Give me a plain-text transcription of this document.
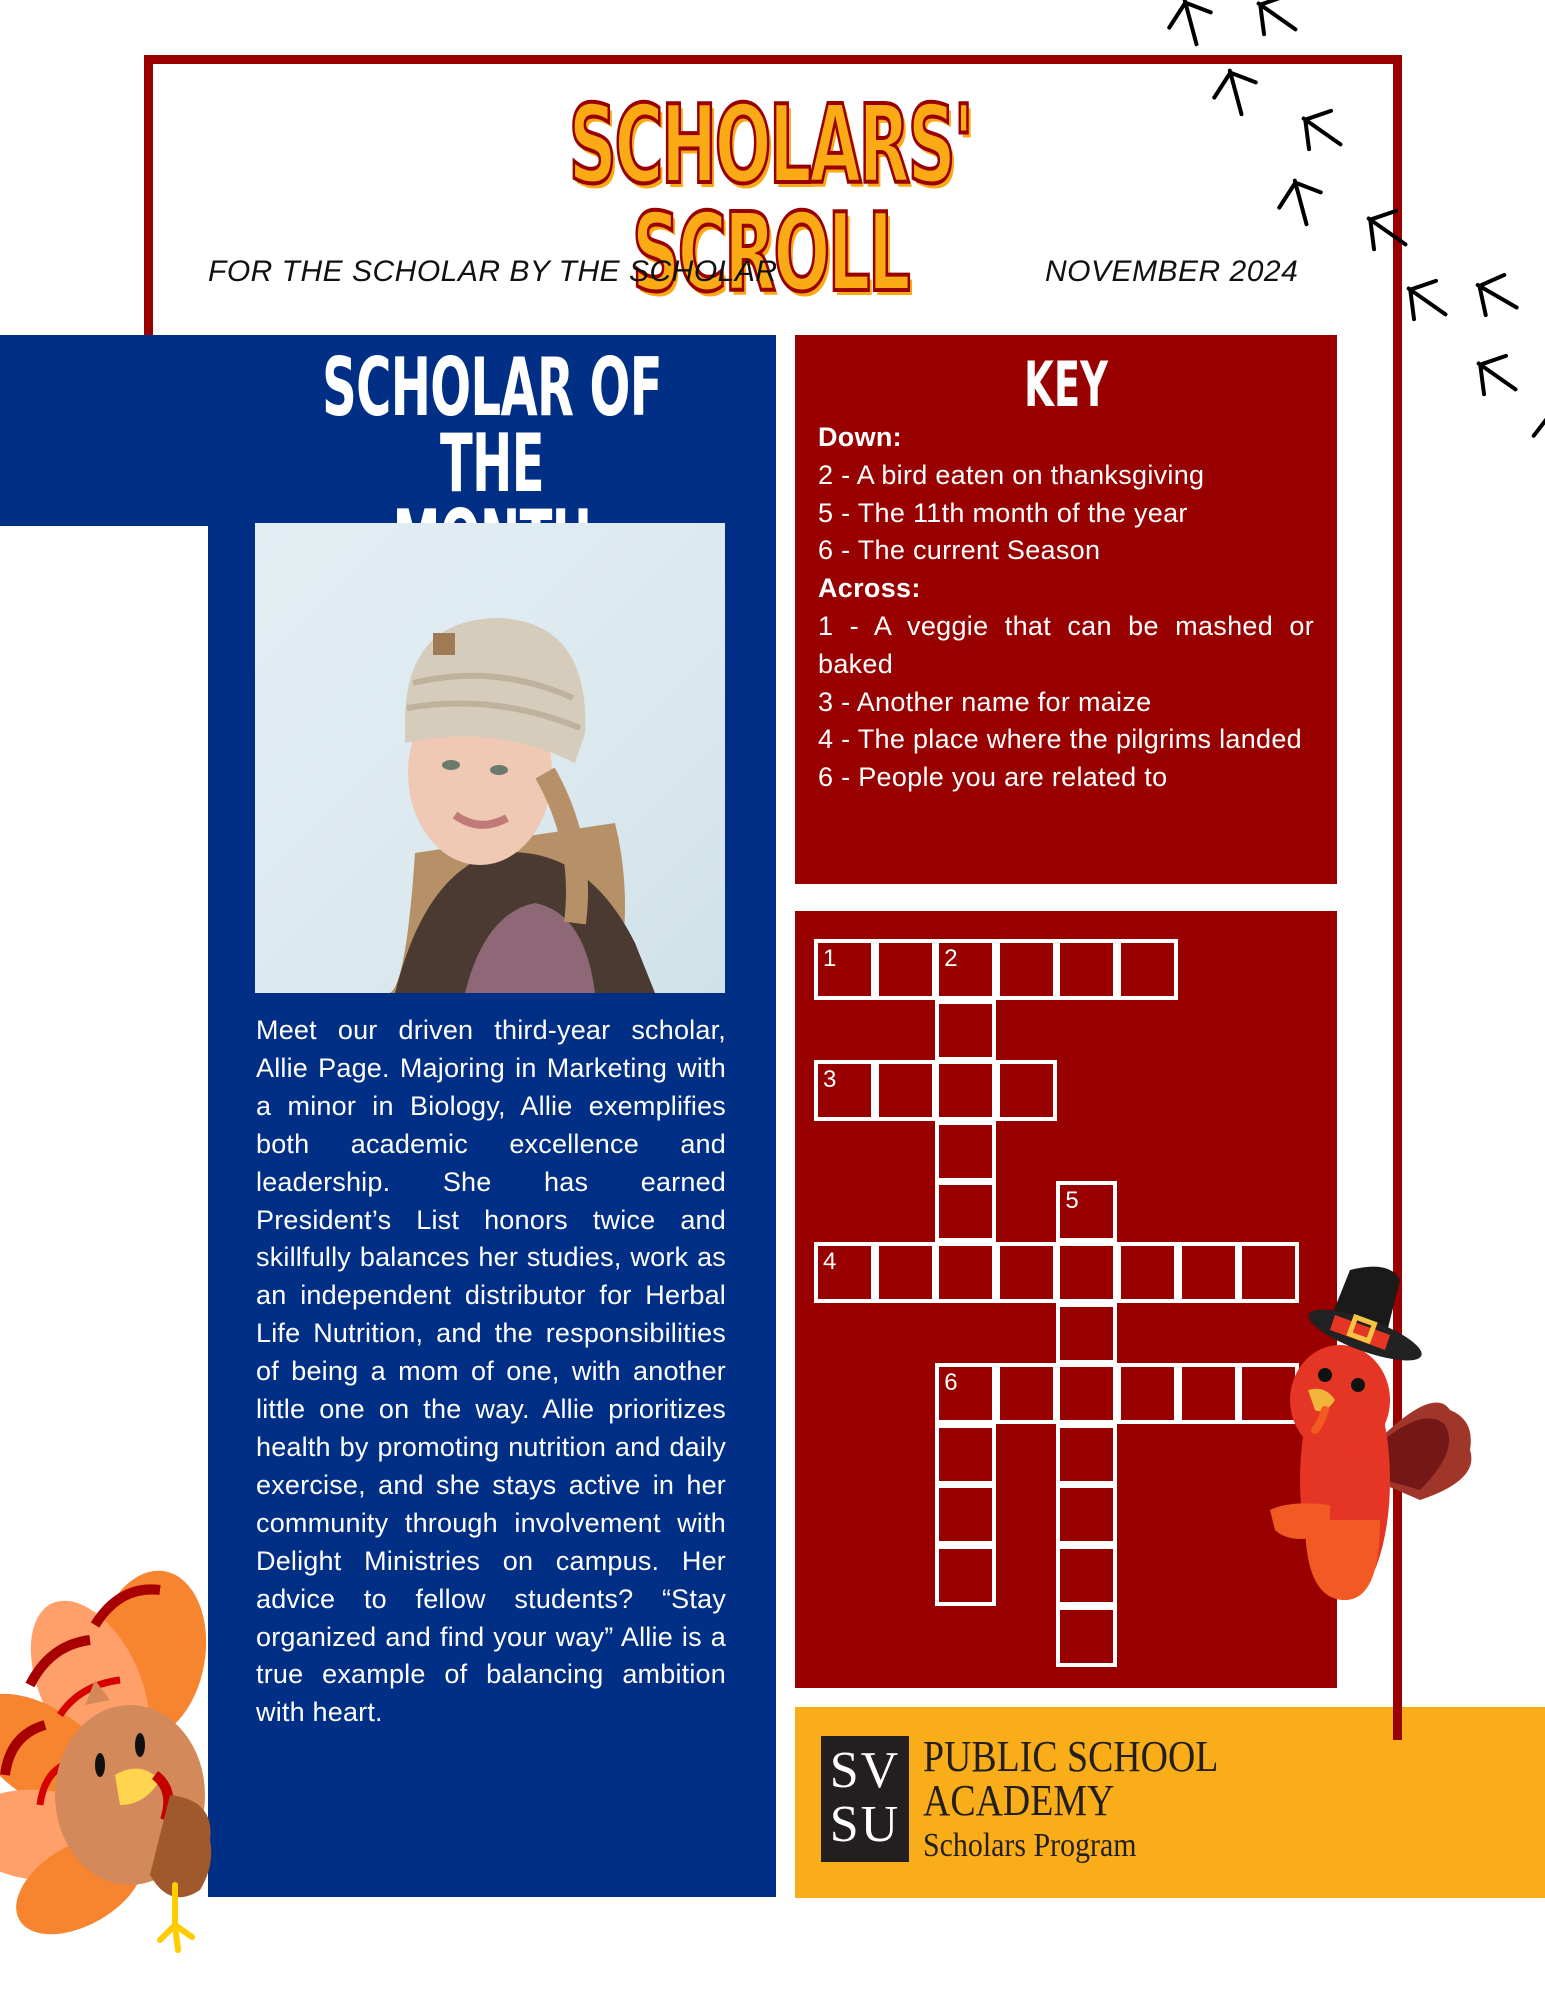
SCHOLARS' SCROLL
FOR THE SCHOLAR BY THE SCHOLAR	NOVEMBER 2024
SCHOLAR OF THE
Meet our driven third-year scholar, Allie Page. Majoring in Marketing with a minor in Biology, Allie exemplifies both academic excellence and leadership. She has earned President’s List honors twice and skillfully balances her studies, work as an independent distributor for Herbal Life Nutrition, and the responsibilities of being a mom of one, with another little one on the way. Allie prioritizes health by promoting nutrition and daily exercise, and she stays active in her community through involvement with Delight Ministries on campus. Her advice to fellow students? “Stay organized and find your way” Allie is a true example of balancing ambition with heart.
KEY
Down:
2 - A bird eaten on thanksgiving
5 - The 11th month of the year
6 - The current Season
Across:
1 - A veggie that can be mashed or baked
3 - Another name for maize
4 - The place where the pilgrims landed
6 - People you are related to
1	2
3
5
4
6
SV
SU
PUBLIC SCHOOL
ACADEMY
Scholars Program
